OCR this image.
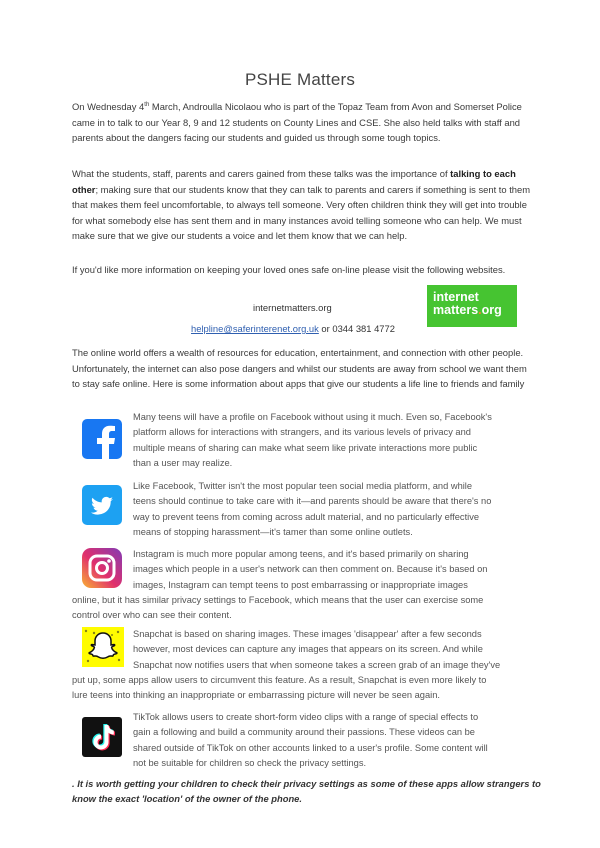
PSHE Matters

On Wednesday 4th March, Androulla Nicolaou who is part of the Topaz Team from Avon and Somerset Police came in to talk to our Year 8, 9 and 12 students on County Lines and CSE. She also held talks with staff and parents about the dangers facing our students and guided us through some tough topics.

What the students, staff, parents and carers gained from these talks was the importance of talking to each other; making sure that our students know that they can talk to parents and carers if something is sent to them that makes them feel uncomfortable, to always tell someone. Very often children think they will get into trouble for what somebody else has sent them and in many instances avoid telling someone who can help. We must make sure that we give our students a voice and let them know that we can help.

If you'd like more information on keeping your loved ones safe on-line please visit the following websites.

internetmatters.org
helpline@saferinterenet.org.uk or 0344 381 4772
internet
matters.org

The online world offers a wealth of resources for education, entertainment, and connection with other people. Unfortunately, the internet can also pose dangers and whilst our students are away from school we want them to stay safe online. Here is some information about apps that give our students a life line to friends and family

Many teens will have a profile on Facebook without using it much. Even so, Facebook's
platform allows for interactions with strangers, and its various levels of privacy and
multiple means of sharing can make what seem like private interactions more public
than a user may realize.
Like Facebook, Twitter isn't the most popular teen social media platform, and while
teens should continue to take care with it—and parents should be aware that there's no
way to prevent teens from coming across adult material, and no particularly effective
means of stopping harassment—it's tamer than some online outlets.
Instagram is much more popular among teens, and it's based primarily on sharing
images which people in a user's network can then comment on. Because it's based on
images, Instagram can tempt teens to post embarrassing or inappropriate images
online, but it has similar privacy settings to Facebook, which means that the user can exercise some
control over who can see their content.
Snapchat is based on sharing images. These images 'disappear' after a few seconds
however, most devices can capture any images that appears on its screen. And while
Snapchat now notifies users that when someone takes a screen grab of an image they've
put up, some apps allow users to circumvent this feature. As a result, Snapchat is even more likely to
lure teens into thinking an inappropriate or embarrassing picture will never be seen again.
TikTok allows users to create short-form video clips with a range of special effects to
gain a following and build a community around their passions. These videos can be
shared outside of TikTok on other accounts linked to a user's profile. Some content will
not be suitable for children so check the privacy settings.
. It is worth getting your children to check their privacy settings as some of these apps allow strangers to know the exact 'location' of the owner of the phone.
